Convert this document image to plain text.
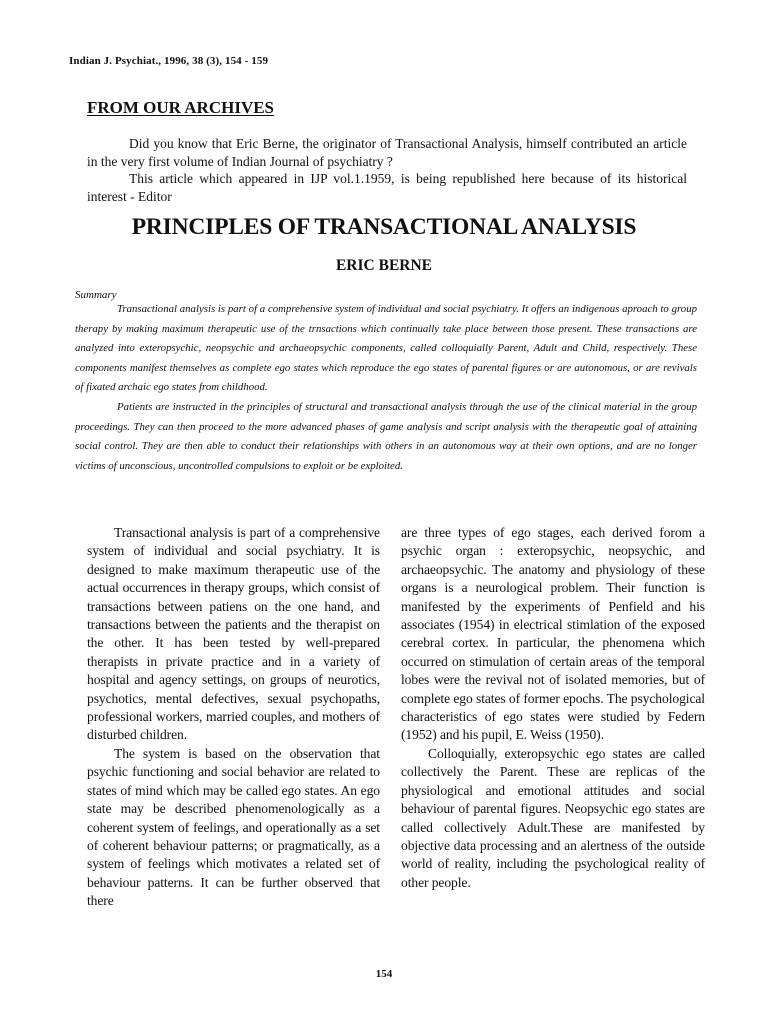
Indian J. Psychiat., 1996, 38 (3), 154 - 159
FROM OUR ARCHIVES

Did you know that Eric Berne, the originator of Transactional Analysis, himself contributed an article in the very first volume of Indian Journal of psychiatry ?

This article which appeared in IJP vol.1.1959, is being republished here because of its historical interest - Editor

PRINCIPLES OF TRANSACTIONAL ANALYSIS
ERIC BERNE
Summary

Transactional analysis is part of a comprehensive system of individual and social psychiatry. It offers an indigenous aproach to group therapy by making maximum therapeutic use of the trnsactions which continually take place between those present. These transactions are analyzed into exteropsychic, neopsychic and archaeopsychic components, called colloquially Parent, Adult and Child, respectively. These components manifest themselves as complete ego states which reproduce the ego states of parental figures or are autonomous, or are revivals of fixated archaic ego states from childhood.

Patients are instructed in the principles of structural and transactional analysis through the use of the clinical material in the group proceedings. They can then proceed to the more advanced phases of game analysis and script analysis with the therapeutic goal of attaining social control. They are then able to conduct their relationships with others in an autonomous way at their own options, and are no longer victims of unconscious, uncontrolled compulsions to exploit or be exploited.

Transactional analysis is part of a comprehensive system of individual and social psychiatry. It is designed to make maximum therapeutic use of the actual occurrences in therapy groups, which consist of transactions between patiens on the one hand, and transactions between the patients and the therapist on the other. It has been tested by well-prepared therapists in private practice and in a variety of hospital and agency settings, on groups of neurotics, psychotics, mental defectives, sexual psychopaths, professional workers, married couples, and mothers of disturbed children.

The system is based on the observation that psychic functioning and social behavior are related to states of mind which may be called ego states. An ego state may be described phenomenologically as a coherent system of feelings, and operationally as a set of coherent behaviour patterns; or pragmatically, as a system of feelings which motivates a related set of behaviour patterns. It can be further observed that there

are three types of ego stages, each derived forom a psychic organ : exteropsychic, neopsychic, and archaeopsychic. The anatomy and physiology of these organs is a neurological problem. Their function is manifested by the experiments of Penfield and his associates (1954) in electrical stimlation of the exposed cerebral cortex. In particular, the phenomena which occurred on stimulation of certain areas of the temporal lobes were the revival not of isolated memories, but of complete ego states of former epochs. The psychological characteristics of ego states were studied by Federn (1952) and his pupil, E. Weiss (1950).

Colloquially, exteropsychic ego states are called collectively the Parent. These are replicas of the physiological and emotional attitudes and social behaviour of parental figures. Neopsychic ego states are called collectively Adult.These are manifested by objective data processing and an alertness of the outside world of reality, including the psychological reality of other people.

154
